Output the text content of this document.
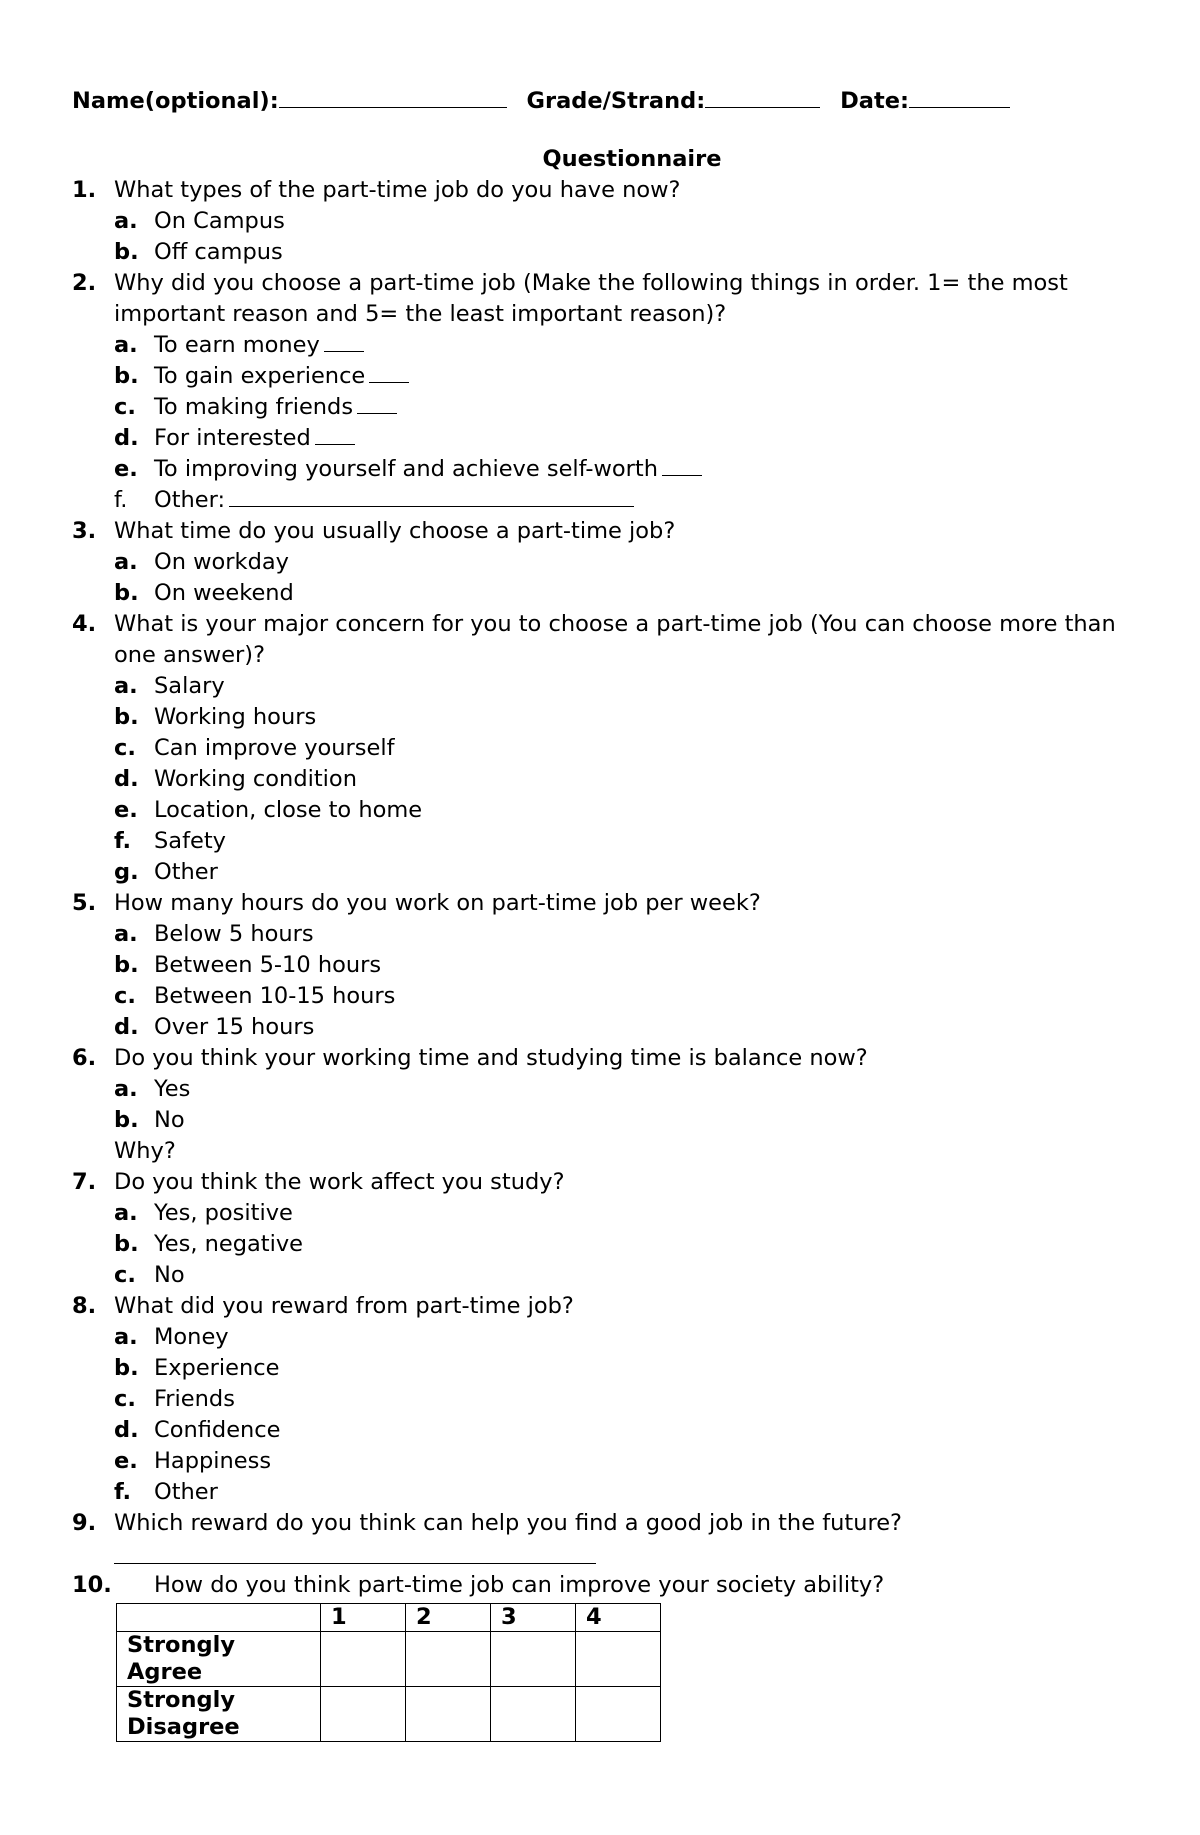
Name(optional):	Grade/Strand:	Date:
Questionnaire
1. What types of the part-time job do you have now?
a. On Campus
b. Off campus
2. Why did you choose a part-time job (Make the following things in order. 1= the most important reason and 5= the least important reason)?
a. To earn money
b. To gain experience
c. To making friends
d. For interested
e. To improving yourself and achieve self-worth
f.	Other:
3. What time do you usually choose a part-time job?
a. On workday
b. On weekend
4. What is your major concern for you to choose a part-time job (You can choose more than one answer)?
a. Salary
b. Working hours
c. Can improve yourself
d. Working condition
e. Location, close to home
f.	Safety
g. Other
5. How many hours do you work on part-time job per week?
a. Below 5 hours
b. Between 5-10 hours
c. Between 10-15 hours
d. Over 15 hours
6. Do you think your working time and studying time is balance now?
a. Yes
b. No
Why?
7. Do you think the work affect you study?
a. Yes, positive
b. Yes, negative
c. No
8. What did you reward from part-time job?
a. Money
b. Experience
c. Friends
d. Confidence
e. Happiness
f.	Other
9. Which reward do you think can help you find a good job in the future?
10.	How do you think part-time job can improve your society ability?
	1	2	3	4

Strongly
Agree				

Strongly
Disagree				
